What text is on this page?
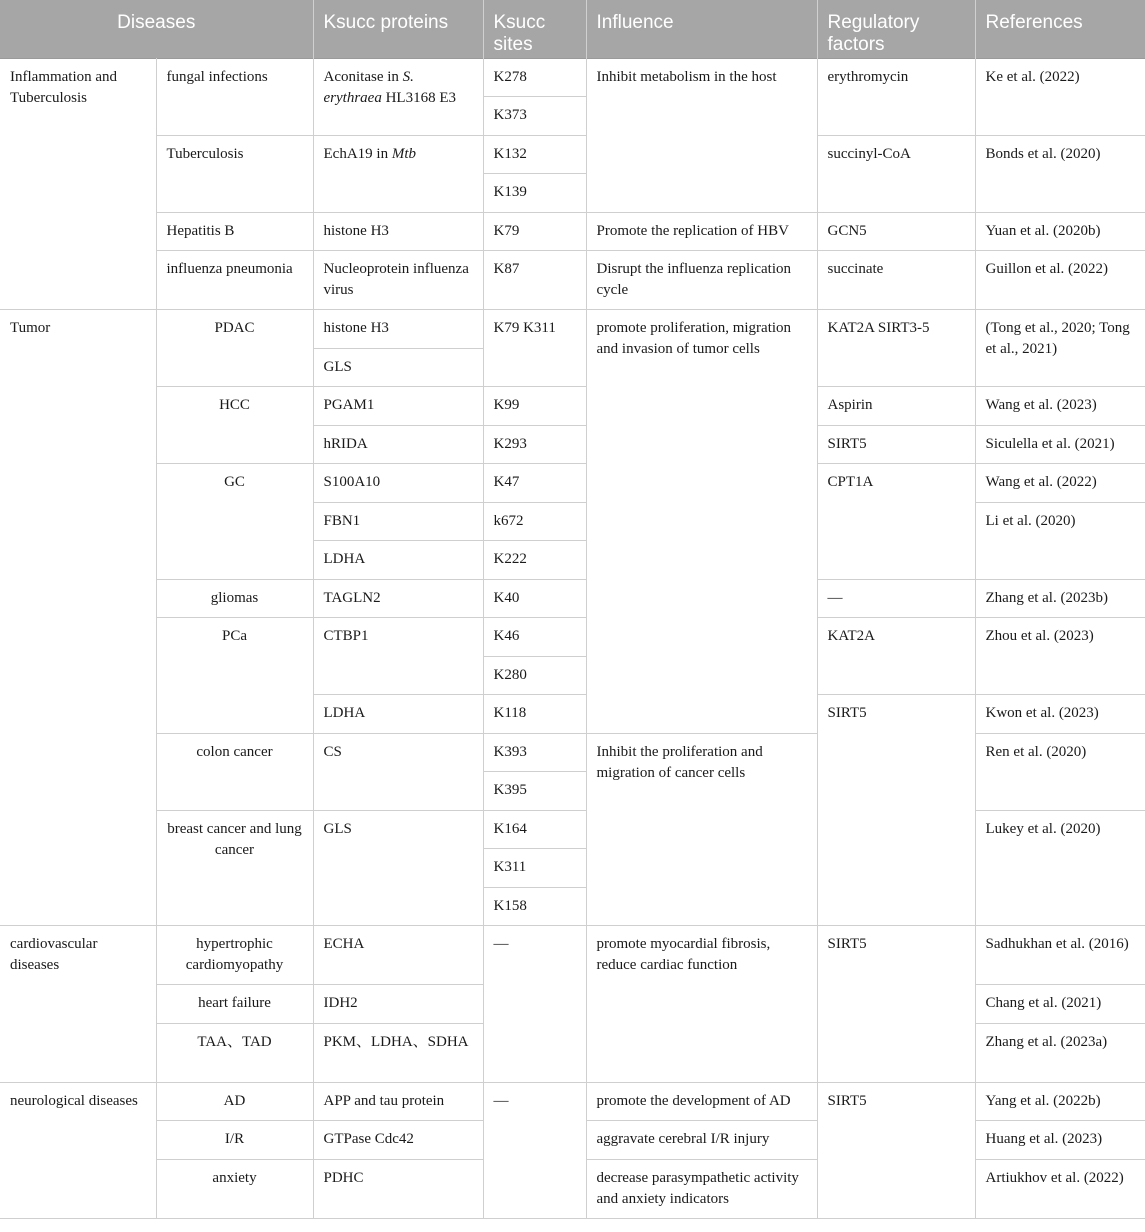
Diseases		Ksucc proteins	Ksucc sites	Influence	Regulatory factors	References
Inflammation and Tuberculosis	fungal infections	Aconitase in S. erythraea HL3168 E3	K278	Inhibit metabolism in the host	erythromycin	Ke et al. (2022)
			K373			
	Tuberculosis	EchA19 in Mtb	K132		succinyl-CoA	Bonds et al. (2020)
			K139			
	Hepatitis B	histone H3	K79	Promote the replication of HBV	GCN5	Yuan et al. (2020b)
	influenza pneumonia	Nucleoprotein influenza virus	K87	Disrupt the influenza replication cycle	succinate	Guillon et al. (2022)
Tumor	PDAC	histone H3	K79 K311	promote proliferation, migration and invasion of tumor cells	KAT2A SIRT3-5	(Tong et al., 2020; Tong et al., 2021)
		GLS				
	HCC	PGAM1	K99		Aspirin	Wang et al. (2023)
		hRIDA	K293		SIRT5	Siculella et al. (2021)
	GC	S100A10	K47		CPT1A	Wang et al. (2022)
		FBN1	k672			Li et al. (2020)
		LDHA	K222			
	gliomas	TAGLN2	K40		—	Zhang et al. (2023b)
	PCa	CTBP1	K46		KAT2A	Zhou et al. (2023)
			K280			
		LDHA	K118		SIRT5	Kwon et al. (2023)
	colon cancer	CS	K393	Inhibit the proliferation and migration of cancer cells		Ren et al. (2020)
			K395			
	breast cancer and lung cancer	GLS	K164			Lukey et al. (2020)
			K311			
			K158			
cardiovascular diseases	hypertrophic cardiomyopathy	ECHA	—	promote myocardial fibrosis, reduce cardiac function	SIRT5	Sadhukhan et al. (2016)
	heart failure	IDH2				Chang et al. (2021)
	TAA、TAD	PKM、LDHA、SDHA				Zhang et al. (2023a)
neurological diseases	AD	APP and tau protein	—	promote the development of AD	SIRT5	Yang et al. (2022b)
	I/R	GTPase Cdc42		aggravate cerebral I/R injury		Huang et al. (2023)
	anxiety	PDHC		decrease parasympathetic activity and anxiety indicators		Artiukhov et al. (2022)
